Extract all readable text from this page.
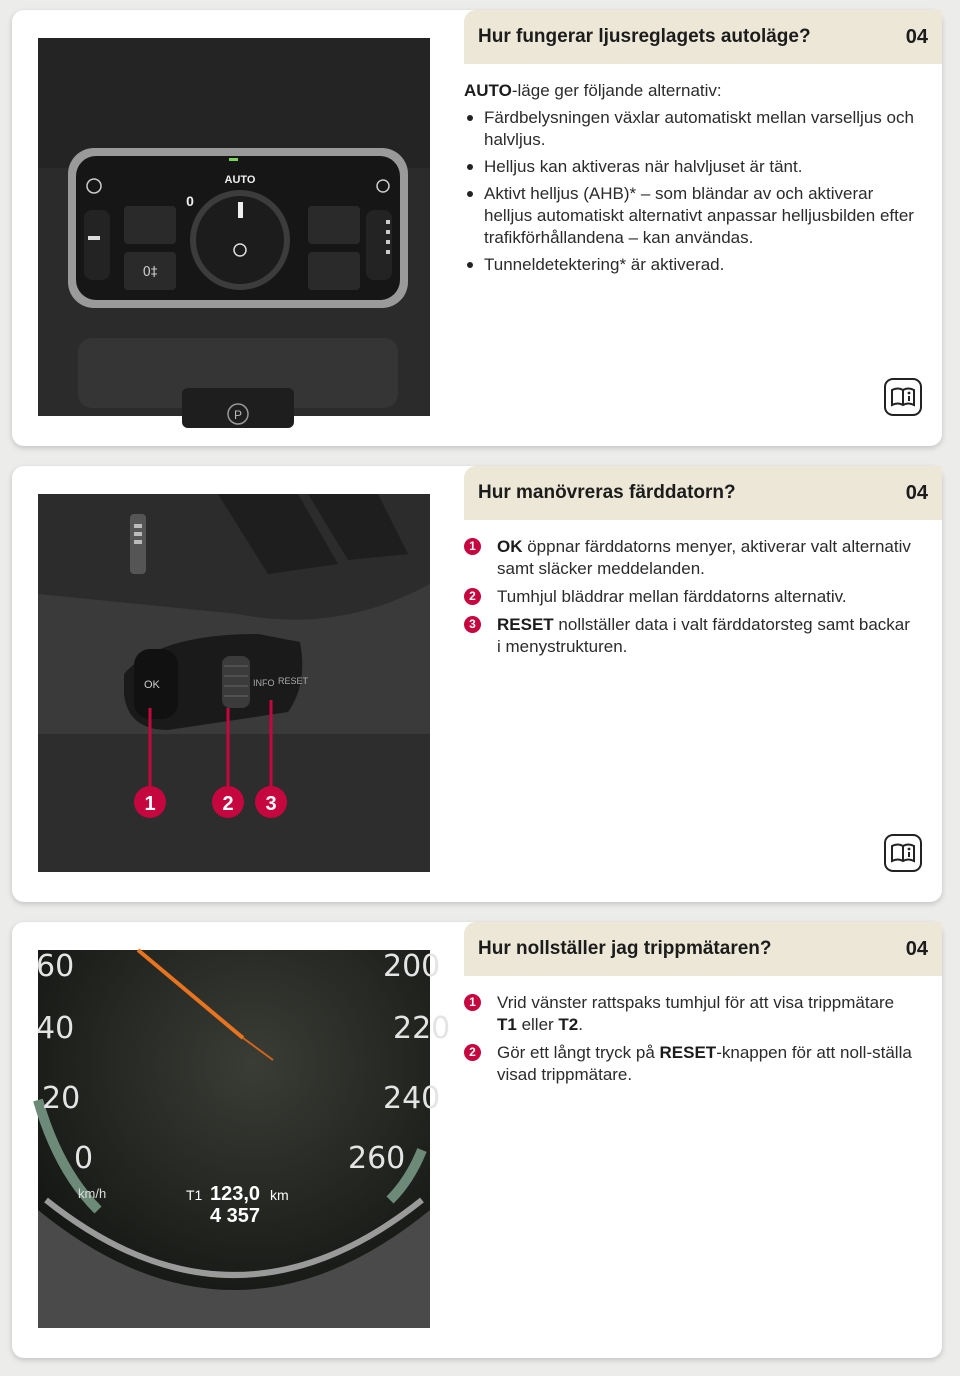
0‡
AUTO
0
P
Hur fungerar ljusreglagets autoläge?	04

AUTO-läge ger följande alternativ:

Färdbelysningen växlar automatiskt mellan varselljus och halvljus.
Helljus kan aktiveras när halvljuset är tänt.
Aktivt helljus (AHB)* – som bländar av och aktiverar helljus automatiskt alternativt anpassar helljusbilden efter trafikförhållandena – kan användas.
Tunneldetektering* är aktiverad.
OK	INFO RESET
1	2 3
Hur manövreras färddatorn?	04
1	OK öppnar färddatorns menyer, aktiverar valt alternativ samt släcker meddelanden.
2	Tumhjul bläddrar mellan färddatorns alternativ.
3	RESET nollställer data i valt färddatorsteg samt backar i menystrukturen.
60
40
20
0
200
220
240
260
km/h	T1 123,0 km
4 357
Hur nollställer jag trippmätaren?	04
1	Vrid vänster rattspaks tumhjul för att visa trippmätare T1 eller T2.
2	Gör ett långt tryck på RESET-knappen för att noll-ställa visad trippmätare.
